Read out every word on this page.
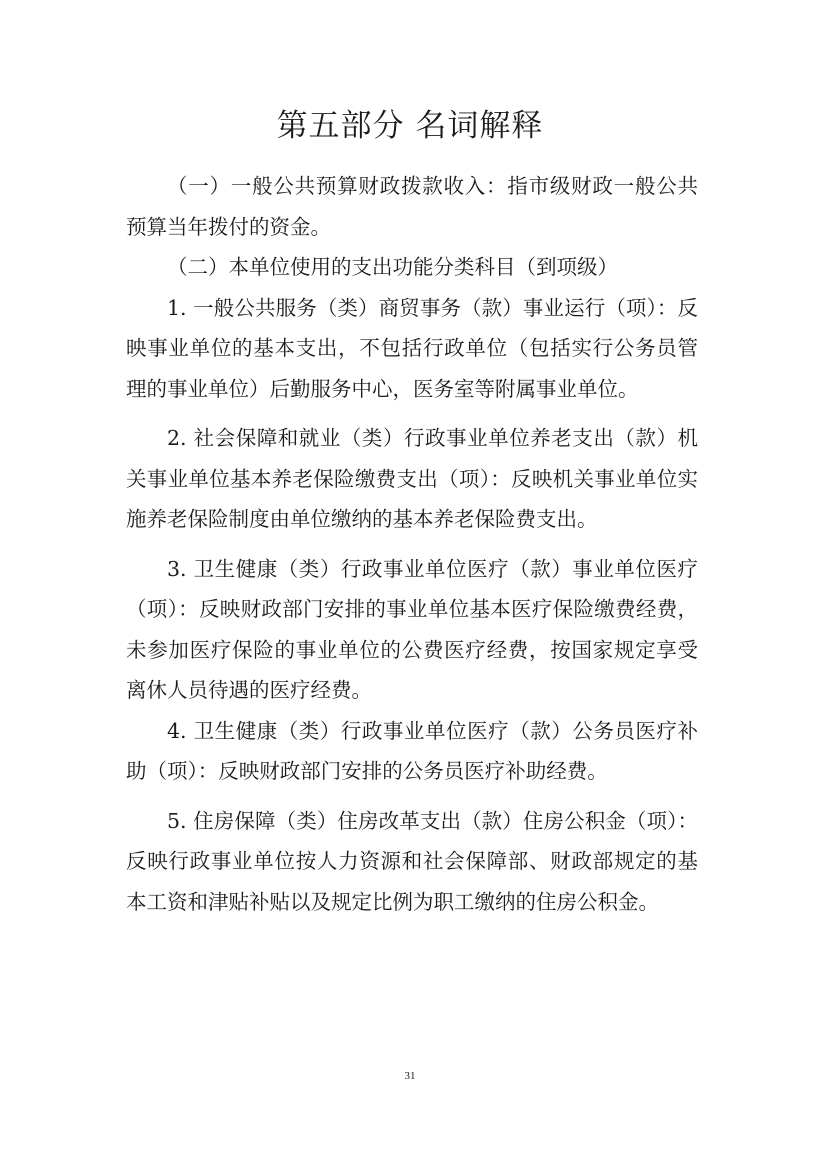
第五部分 名词解释

（一）一般公共预算财政拨款收入：指市级财政一般公共预算当年拨付的资金。

（二）本单位使用的支出功能分类科目（到项级）

1. 一般公共服务（类）商贸事务（款）事业运行（项）：反映事业单位的基本支出，不包括行政单位（包括实行公务员管理的事业单位）后勤服务中心，医务室等附属事业单位。

2. 社会保障和就业（类）行政事业单位养老支出（款）机关事业单位基本养老保险缴费支出（项）：反映机关事业单位实施养老保险制度由单位缴纳的基本养老保险费支出。

3. 卫生健康（类）行政事业单位医疗（款）事业单位医疗（项）：反映财政部门安排的事业单位基本医疗保险缴费经费，未参加医疗保险的事业单位的公费医疗经费，按国家规定享受离休人员待遇的医疗经费。

4. 卫生健康（类）行政事业单位医疗（款）公务员医疗补助（项）：反映财政部门安排的公务员医疗补助经费。

5. 住房保障（类）住房改革支出（款）住房公积金（项）：反映行政事业单位按人力资源和社会保障部、财政部规定的基本工资和津贴补贴以及规定比例为职工缴纳的住房公积金。

31
